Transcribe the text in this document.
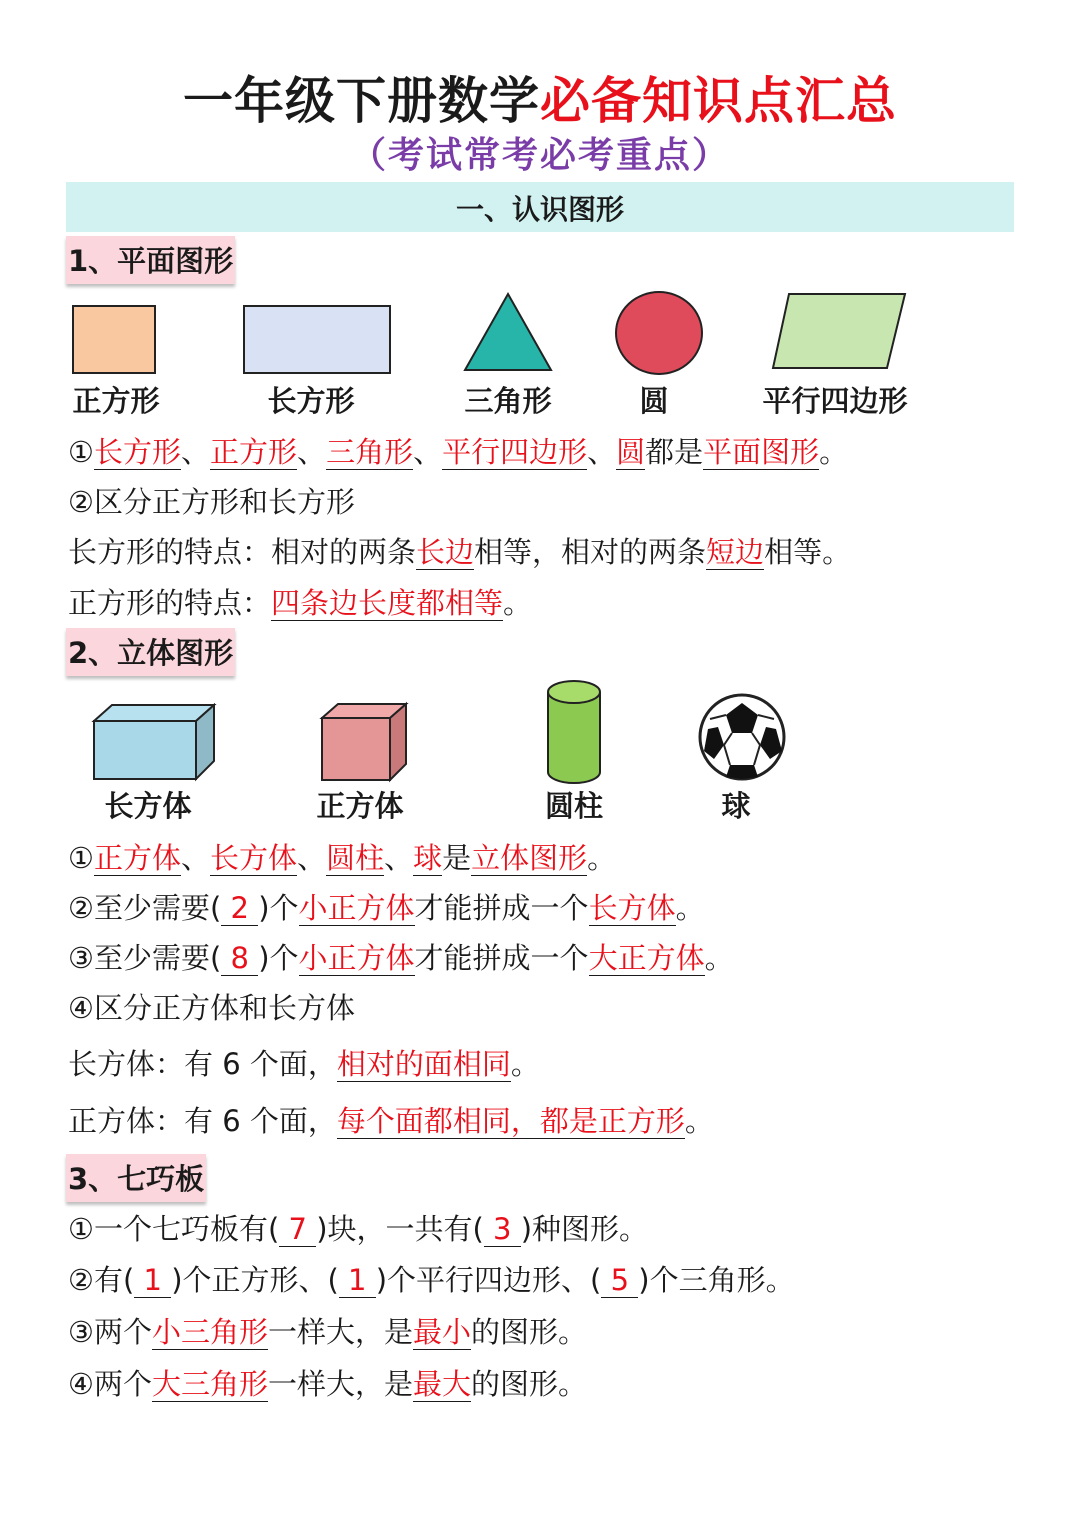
一年级下册数学必备知识点汇总
（考试常考必考重点）
一、认识图形
1、平面图形
正方形	长方形	三角形	圆	平行四边形
①长方形、正方形、三角形、平行四边形、圆都是平面图形。
②区分正方形和长方形
长方形的特点：相对的两条长边相等，相对的两条短边相等。
正方形的特点：四条边长度都相等。
2、立体图形
长方体	正方体	圆柱	球
①正方体、长方体、圆柱、球是立体图形。
②至少需要( 2 )个小正方体才能拼成一个长方体。
③至少需要( 8 )个小正方体才能拼成一个大正方体。
④区分正方体和长方体
长方体：有 6 个面，相对的面相同。
正方体：有 6 个面，每个面都相同，都是正方形。
3、七巧板
①一个七巧板有( 7 )块，一共有( 3 )种图形。
②有( 1 )个正方形、( 1 )个平行四边形、( 5 )个三角形。
③两个小三角形一样大，是最小的图形。
④两个大三角形一样大，是最大的图形。
